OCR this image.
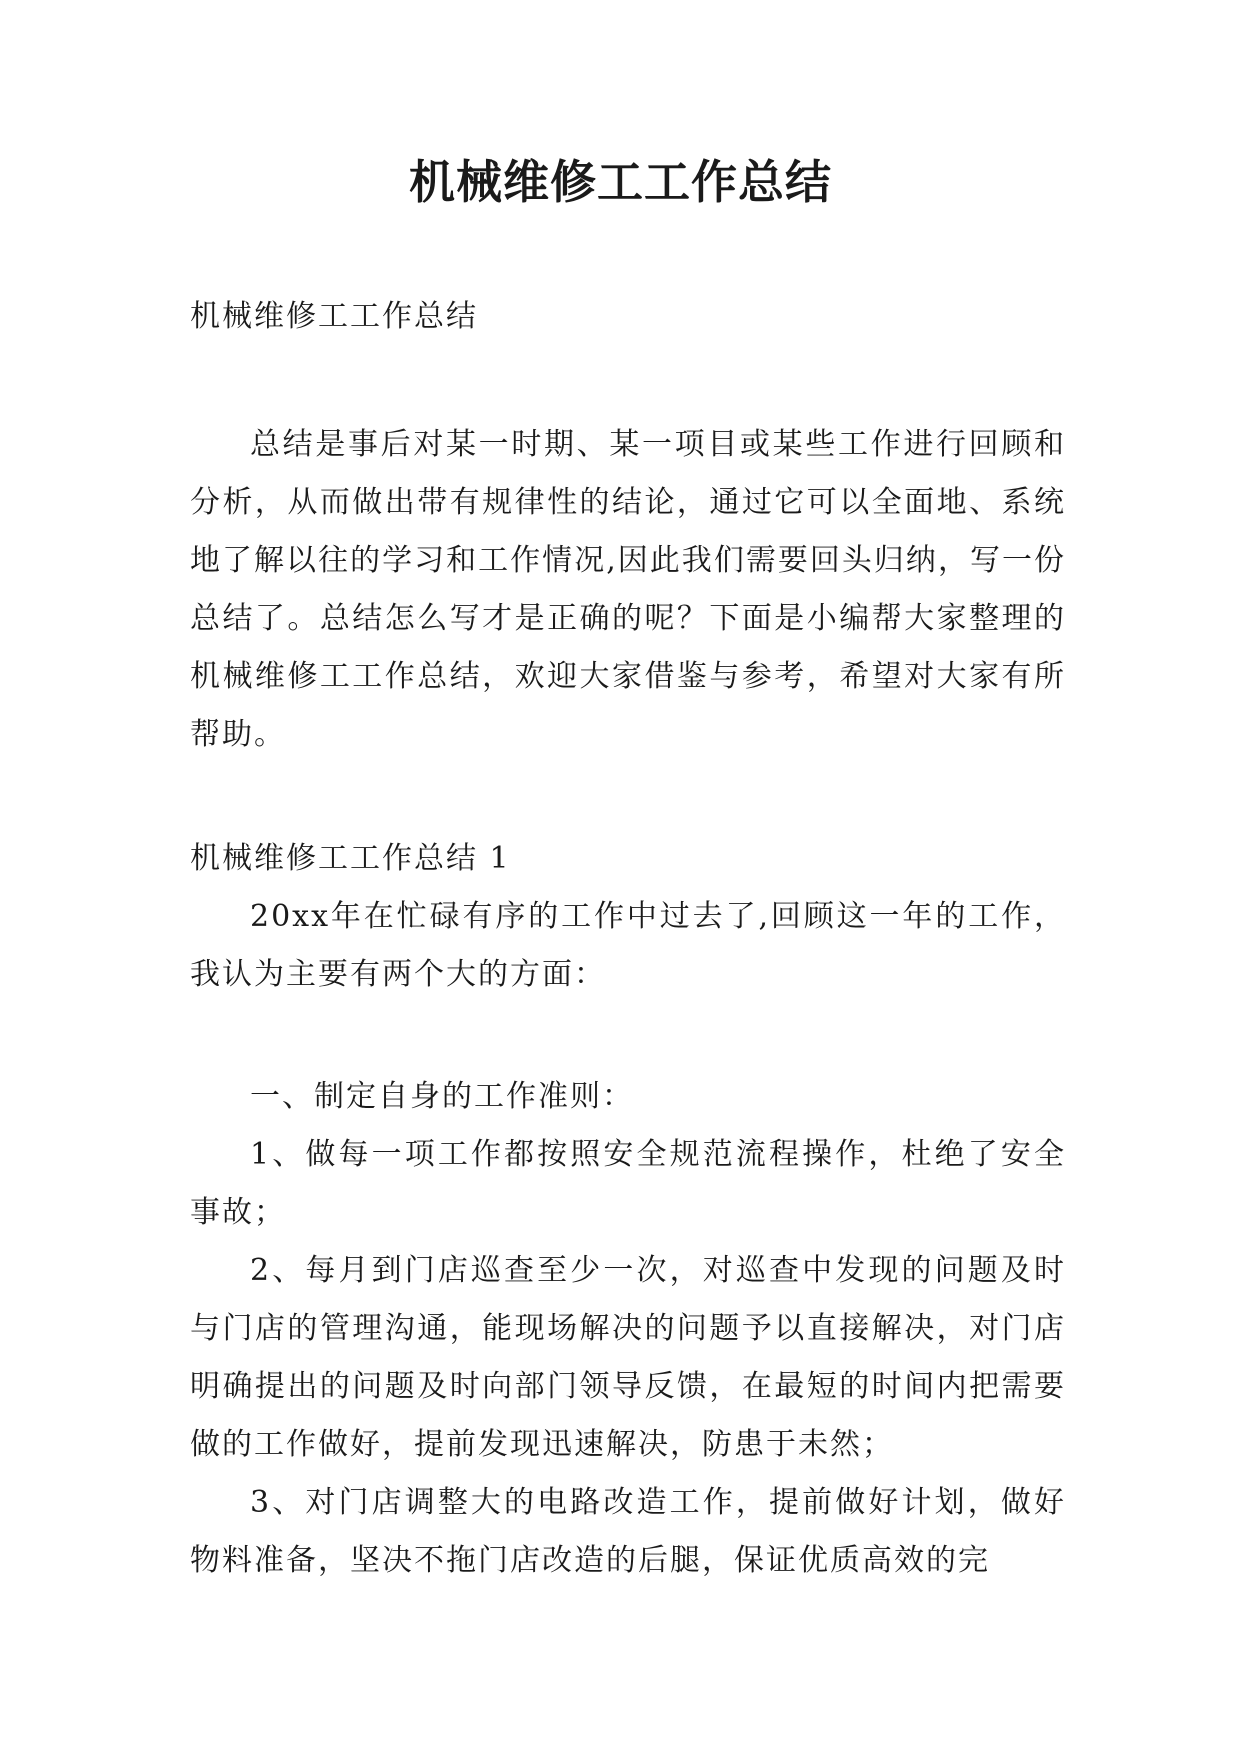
机械维修工工作总结

机械维修工工作总结

总结是事后对某一时期、某一项目或某些工作进行回顾和分析，从而做出带有规律性的结论，通过它可以全面地、系统地了解以往的学习和工作情况,因此我们需要回头归纳，写一份总结了。总结怎么写才是正确的呢？下面是小编帮大家整理的机械维修工工作总结，欢迎大家借鉴与参考，希望对大家有所帮助。

机械维修工工作总结 1

20xx年在忙碌有序的工作中过去了,回顾这一年的工作，我认为主要有两个大的方面：

一、制定自身的工作准则：

1、做每一项工作都按照安全规范流程操作，杜绝了安全事故；

2、每月到门店巡查至少一次，对巡查中发现的问题及时与门店的管理沟通，能现场解决的问题予以直接解决，对门店明确提出的问题及时向部门领导反馈，在最短的时间内把需要做的工作做好，提前发现迅速解决，防患于未然；

3、对门店调整大的电路改造工作，提前做好计划，做好物料准备，坚决不拖门店改造的后腿，保证优质高效的完
